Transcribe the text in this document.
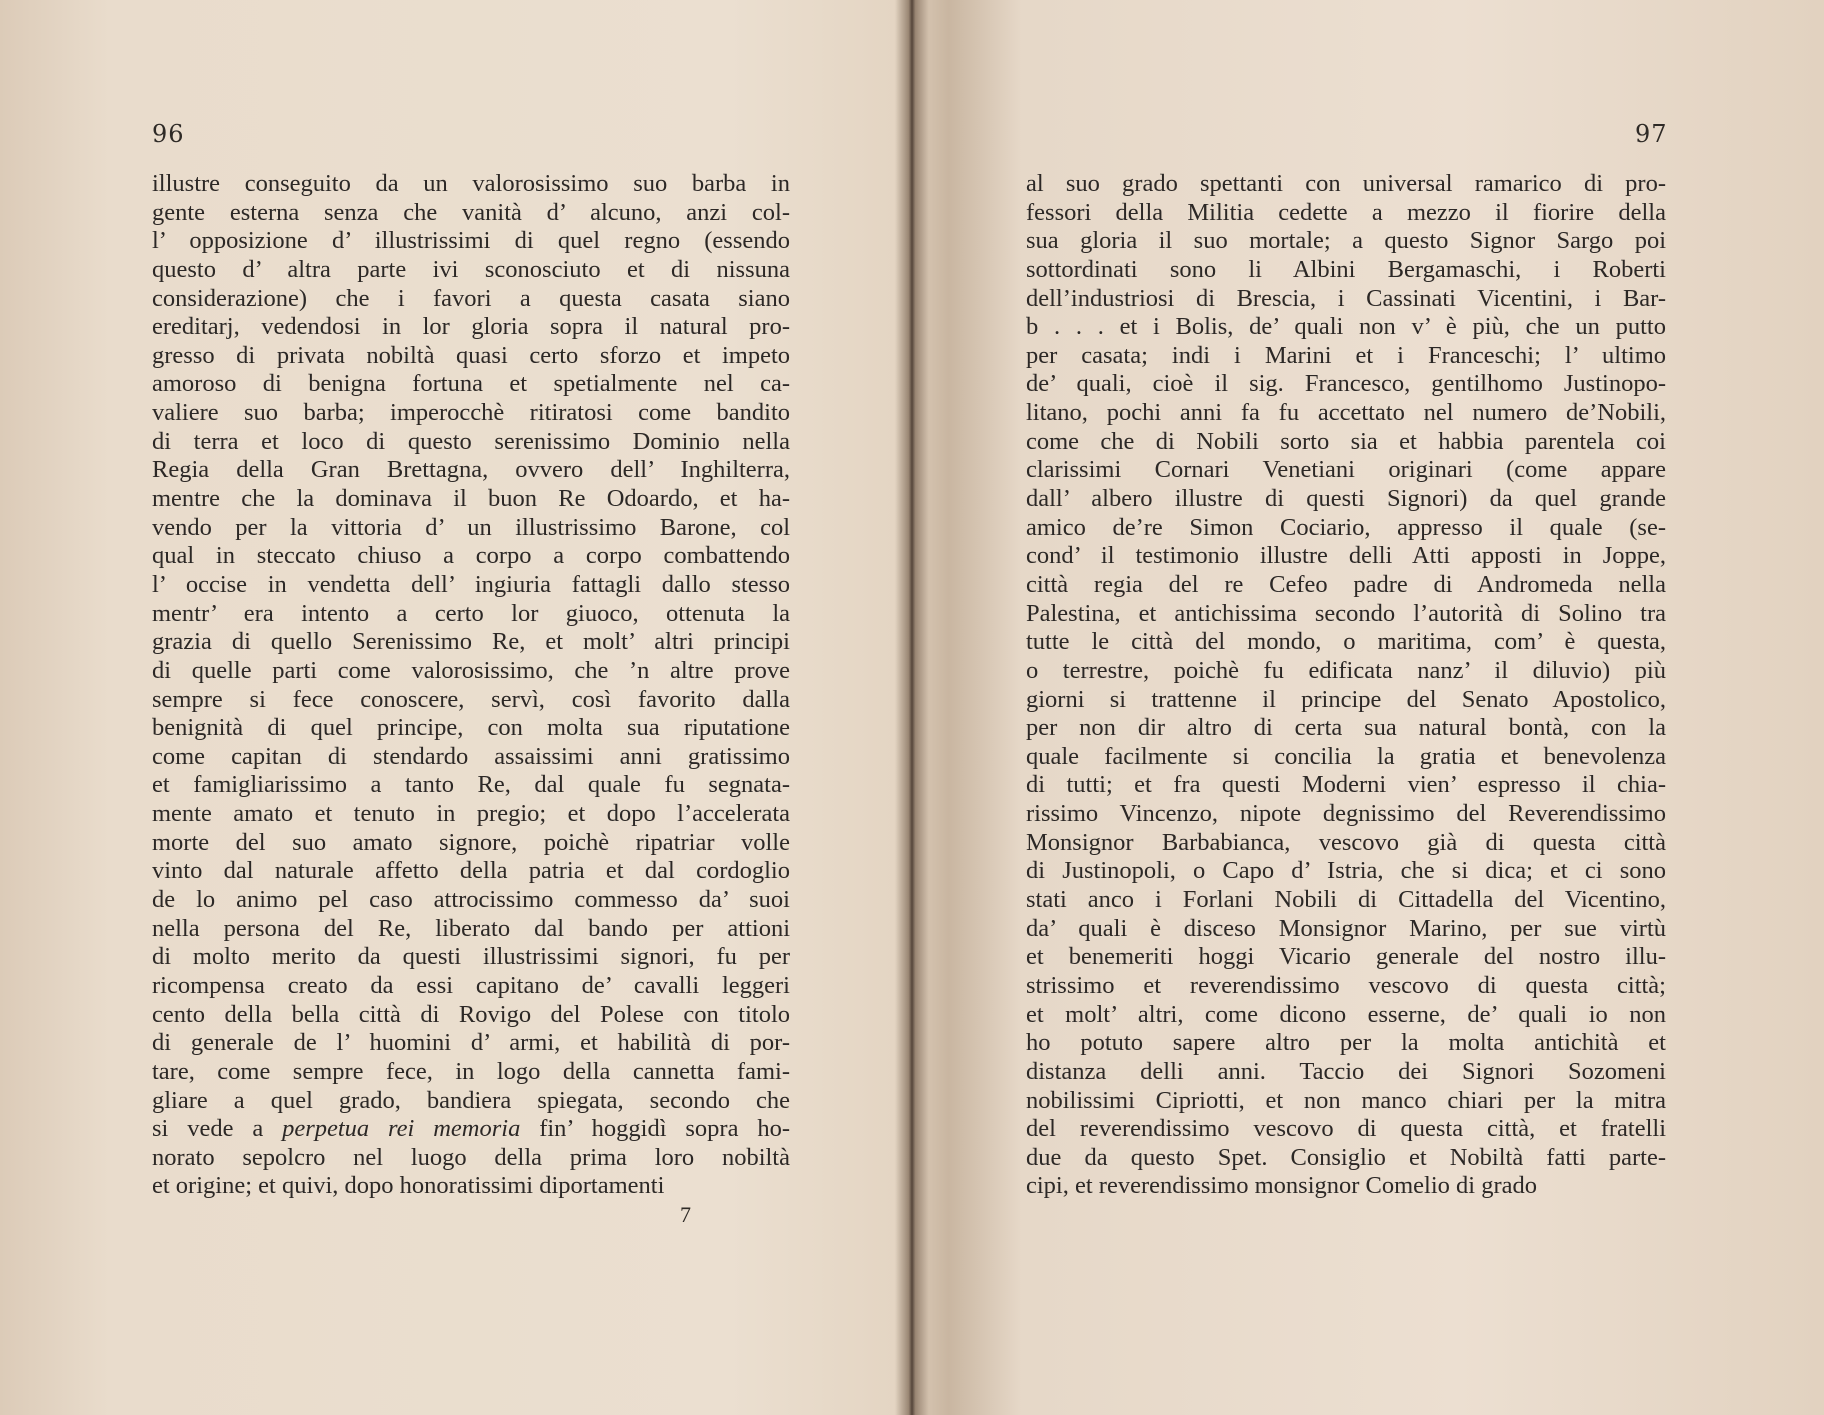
96
illustre conseguito da un valorosissimo suo barba in
gente esterna senza che vanità d’ alcuno, anzi col-
l’ opposizione d’ illustrissimi di quel regno (essendo
questo d’ altra parte ivi sconosciuto et di nissuna
considerazione) che i favori a questa casata siano
ereditarj, vedendosi in lor gloria sopra il natural pro-
gresso di privata nobiltà quasi certo sforzo et impeto
amoroso di benigna fortuna et spetialmente nel ca-
valiere suo barba; imperocchè ritiratosi come bandito
di terra et loco di questo serenissimo Dominio nella
Regia della Gran Brettagna, ovvero dell’ Inghilterra,
mentre che la dominava il buon Re Odoardo, et ha-
vendo per la vittoria d’ un illustrissimo Barone, col
qual in steccato chiuso a corpo a corpo combattendo
l’ occise in vendetta dell’ ingiuria fattagli dallo stesso
mentr’ era intento a certo lor giuoco, ottenuta la
grazia di quello Serenissimo Re, et molt’ altri principi
di quelle parti come valorosissimo, che ’n altre prove
sempre si fece conoscere, servì, così favorito dalla
benignità di quel principe, con molta sua riputatione
come capitan di stendardo assaissimi anni gratissimo
et famigliarissimo a tanto Re, dal quale fu segnata-
mente amato et tenuto in pregio; et dopo l’accelerata
morte del suo amato signore, poichè ripatriar volle
vinto dal naturale affetto della patria et dal cordoglio
de lo animo pel caso attrocissimo commesso da’ suoi
nella persona del Re, liberato dal bando per attioni
di molto merito da questi illustrissimi signori, fu per
ricompensa creato da essi capitano de’ cavalli leggeri
cento della bella città di Rovigo del Polese con titolo
di generale de l’ huomini d’ armi, et habilità di por-
tare, come sempre fece, in logo della cannetta fami-
gliare a quel grado, bandiera spiegata, secondo che
si vede a perpetua rei memoria fin’ hoggidì sopra ho-
norato sepolcro nel luogo della prima loro nobiltà
et origine; et quivi, dopo honoratissimi diportamenti
97
al suo grado spettanti con universal ramarico di pro-
fessori della Militia cedette a mezzo il fiorire della
sua gloria il suo mortale; a questo Signor Sargo poi
sottordinati sono li Albini Bergamaschi, i Roberti
dell’industriosi di Brescia, i Cassinati Vicentini, i Bar-
b . . . et i Bolis, de’ quali non v’ è più, che un putto
per casata; indi i Marini et i Franceschi; l’ ultimo
de’ quali, cioè il sig. Francesco, gentilhomo Justinopo-
litano, pochi anni fa fu accettato nel numero de’Nobili,
come che di Nobili sorto sia et habbia parentela coi
clarissimi Cornari Venetiani originari (come appare
dall’ albero illustre di questi Signori) da quel grande
amico de’re Simon Cociario, appresso il quale (se-
cond’ il testimonio illustre delli Atti apposti in Joppe,
città regia del re Cefeo padre di Andromeda nella
Palestina, et antichissima secondo l’autorità di Solino tra
tutte le città del mondo, o maritima, com’ è questa,
o terrestre, poichè fu edificata nanz’ il diluvio) più
giorni si trattenne il principe del Senato Apostolico,
per non dir altro di certa sua natural bontà, con la
quale facilmente si concilia la gratia et benevolenza
di tutti; et fra questi Moderni vien’ espresso il chia-
rissimo Vincenzo, nipote degnissimo del Reverendissimo
Monsignor Barbabianca, vescovo già di questa città
di Justinopoli, o Capo d’ Istria, che si dica; et ci sono
stati anco i Forlani Nobili di Cittadella del Vicentino,
da’ quali è disceso Monsignor Marino, per sue virtù
et benemeriti hoggi Vicario generale del nostro illu-
strissimo et reverendissimo vescovo di questa città;
et molt’ altri, come dicono esserne, de’ quali io non
ho potuto sapere altro per la molta antichità et
distanza delli anni. Taccio dei Signori Sozomeni
nobilissimi Cipriotti, et non manco chiari per la mitra
del reverendissimo vescovo di questa città, et fratelli
due da questo Spet. Consiglio et Nobiltà fatti parte-
cipi, et reverendissimo monsignor Comelio di grado
7
